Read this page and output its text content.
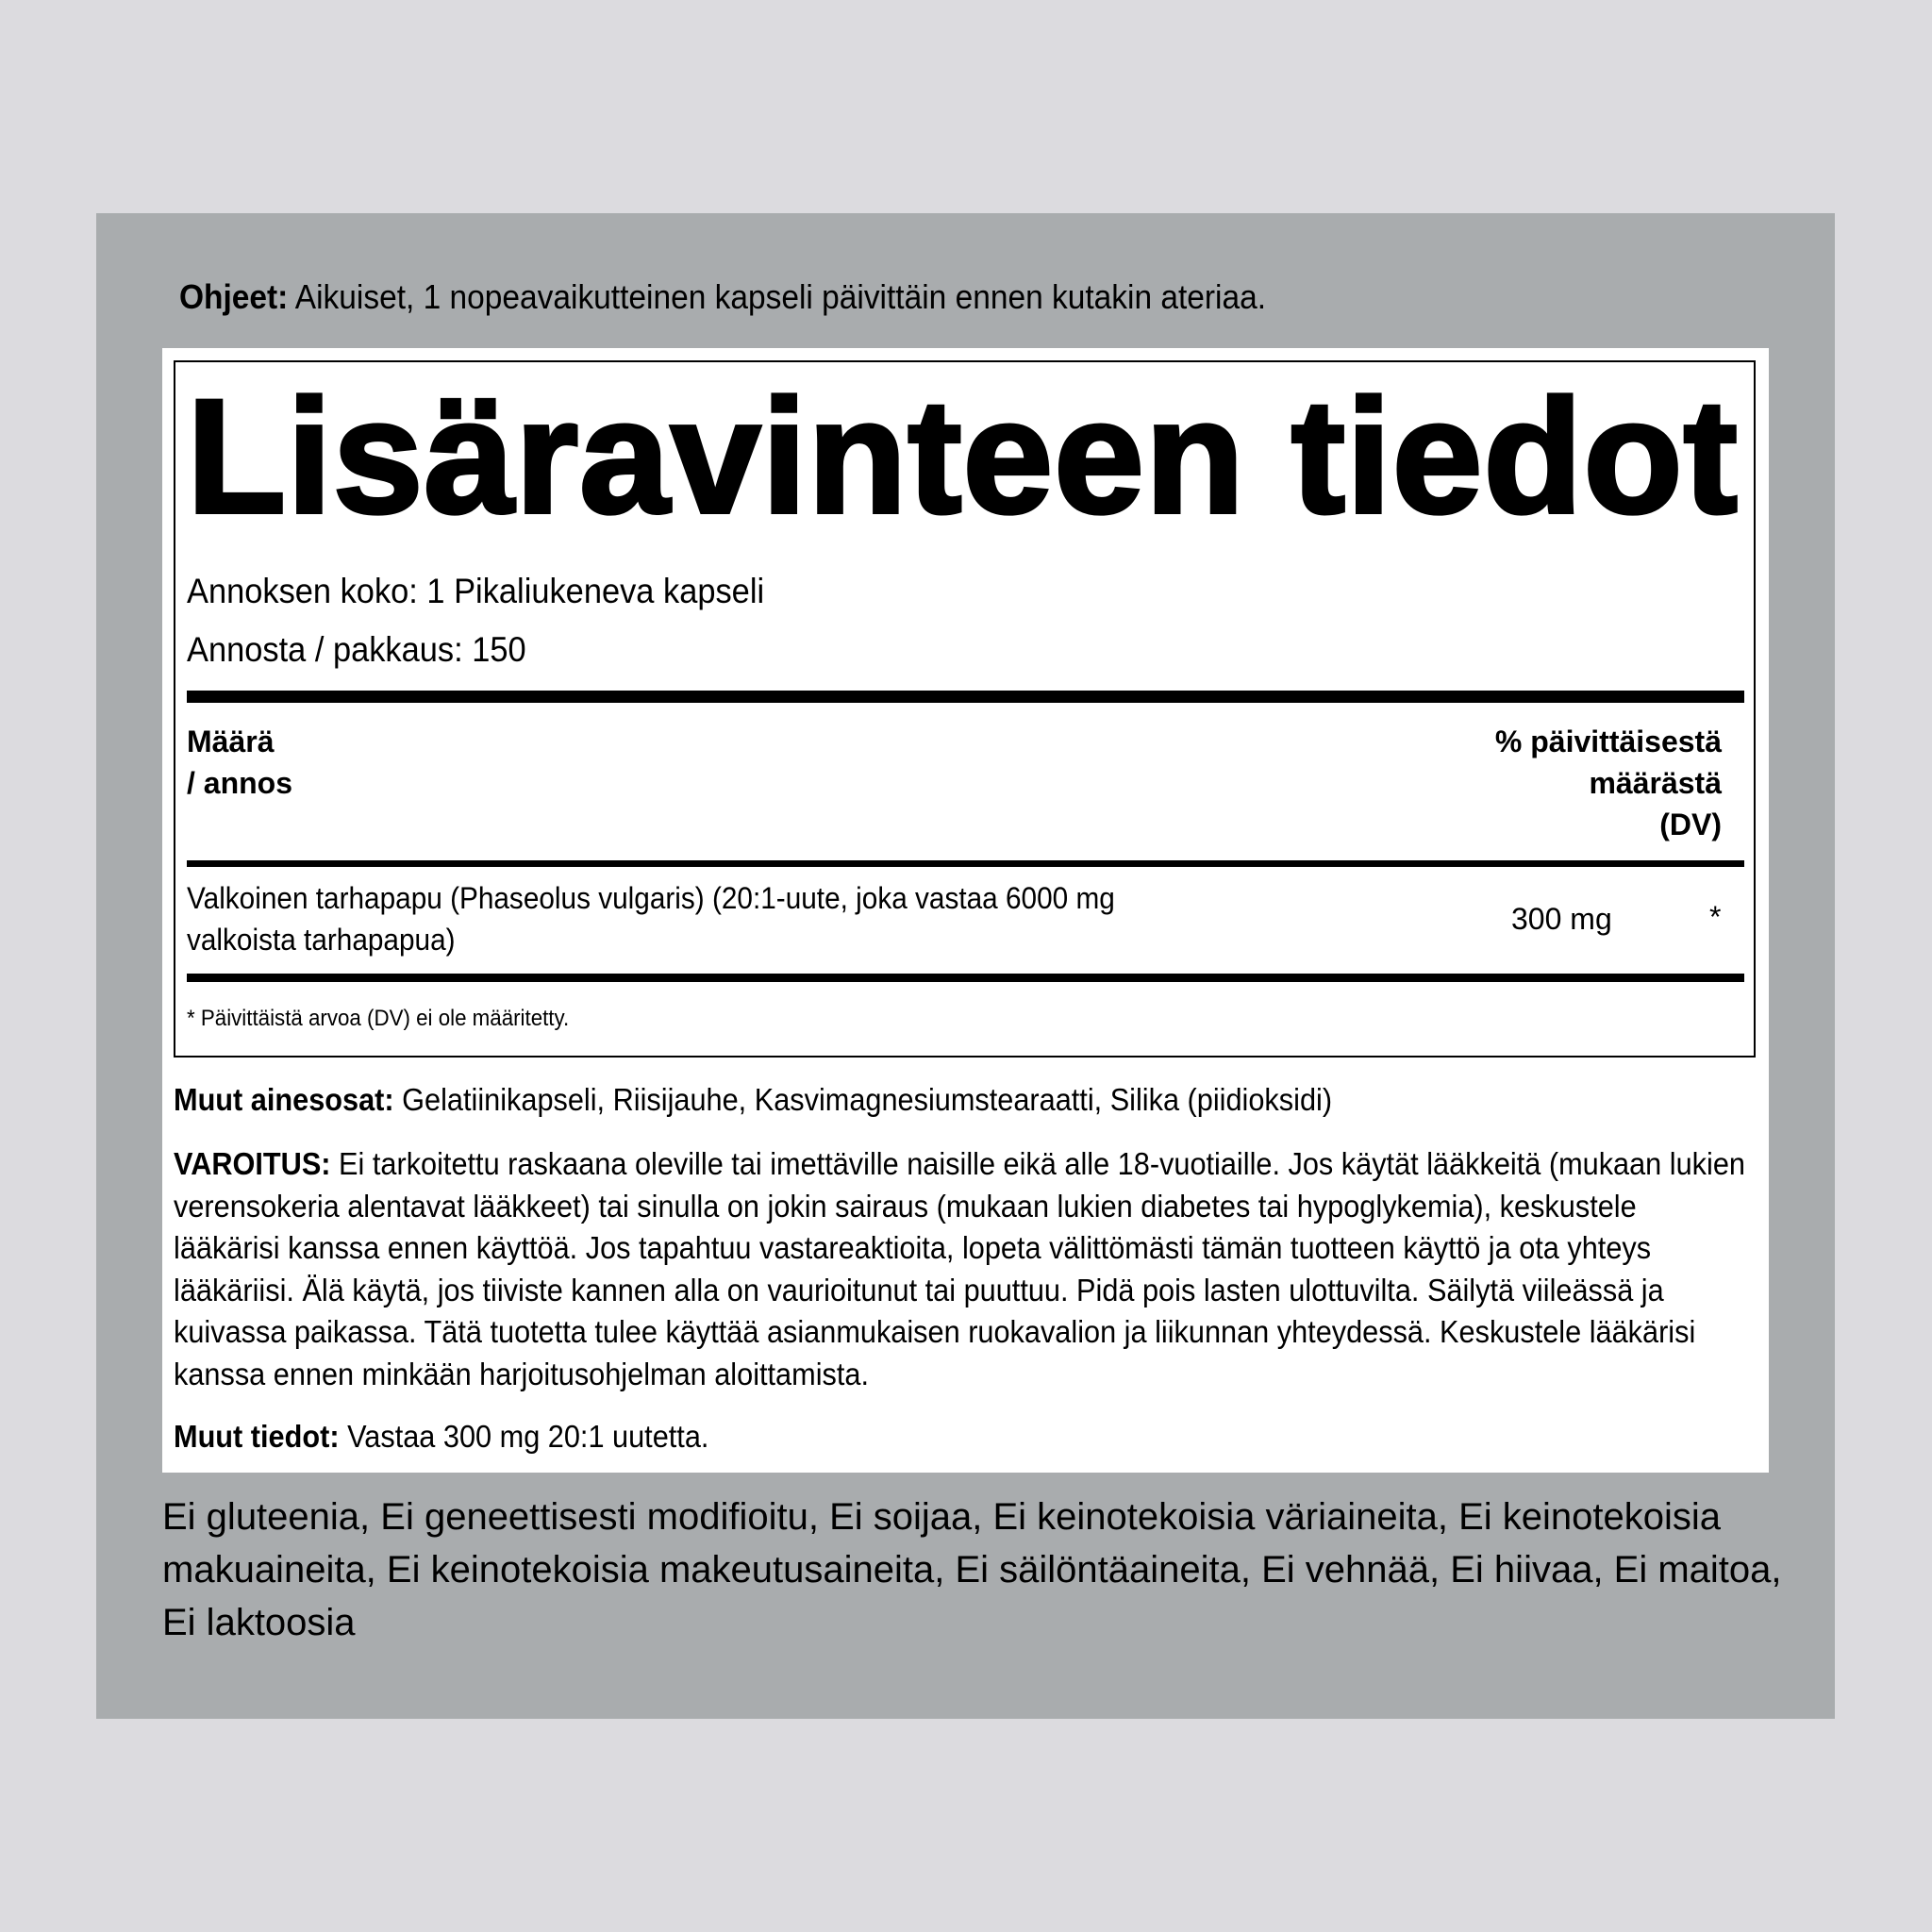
Ohjeet: Aikuiset, 1 nopeavaikutteinen kapseli päivittäin ennen kutakin ateriaa.
Lisäravinteen tiedot
Annoksen koko: 1 Pikaliukeneva kapseli
Annosta / pakkaus: 150
Määrä
/ annos
% päivittäisestä
määrästä
(DV)
Valkoinen tarhapapu (Phaseolus vulgaris) (20:1-uute, joka vastaa 6000 mg valkoista tarhapapua)
300 mg	*
* Päivittäistä arvoa (DV) ei ole määritetty.
Muut ainesosat: Gelatiinikapseli, Riisijauhe, Kasvimagnesiumstearaatti, Silika (piidioksidi)
VAROITUS: Ei tarkoitettu raskaana oleville tai imettäville naisille eikä alle 18-vuotiaille. Jos käytät lääkkeitä (mukaan lukien verensokeria alentavat lääkkeet) tai sinulla on jokin sairaus (mukaan lukien diabetes tai hypoglykemia), keskustele lääkärisi kanssa ennen käyttöä. Jos tapahtuu vastareaktioita, lopeta välittömästi tämän tuotteen käyttö ja ota yhteys lääkäriisi. Älä käytä, jos tiiviste kannen alla on vaurioitunut tai puuttuu. Pidä pois lasten ulottuvilta. Säilytä viileässä ja kuivassa paikassa. Tätä tuotetta tulee käyttää asianmukaisen ruokavalion ja liikunnan yhteydessä. Keskustele lääkärisi kanssa ennen minkään harjoitusohjelman aloittamista.
Muut tiedot: Vastaa 300 mg 20:1 uutetta.
Ei gluteenia, Ei geneettisesti modifioitu, Ei soijaa, Ei keinotekoisia väriaineita, Ei keinotekoisia makuaineita, Ei keinotekoisia makeutusaineita, Ei säilöntäaineita, Ei vehnää, Ei hiivaa, Ei maitoa, Ei laktoosia
